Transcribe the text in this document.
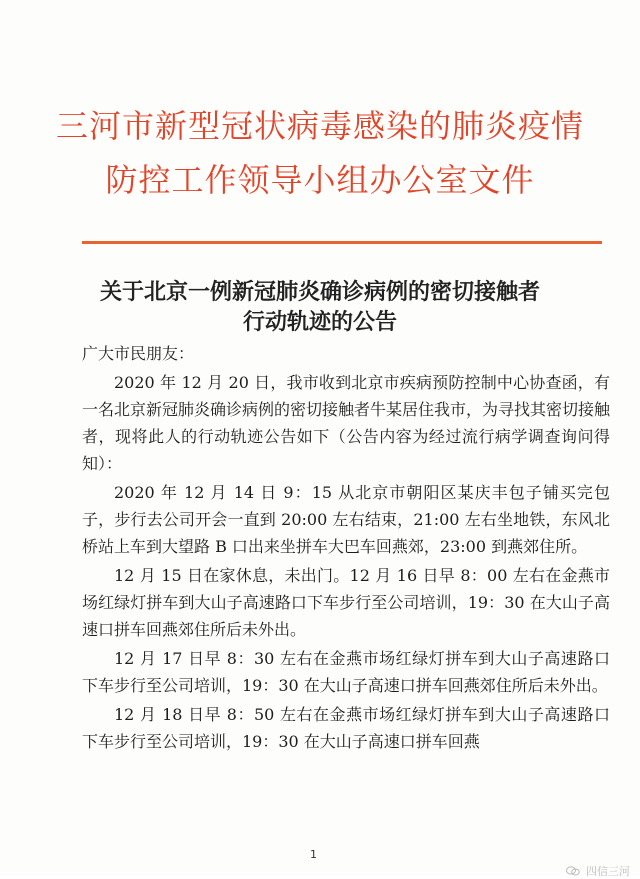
三河市新型冠状病毒感染的肺炎疫情
防控工作领导小组办公室文件
关于北京一例新冠肺炎确诊病例的密切接触者
行动轨迹的公告

广大市民朋友：

2020 年 12 月 20 日，我市收到北京市疾病预防控制中心协查函，有一名北京新冠肺炎确诊病例的密切接触者牛某居住我市，为寻找其密切接触者，现将此人的行动轨迹公告如下（公告内容为经过流行病学调查询问得知）：

2020 年 12 月 14 日 9：15 从北京市朝阳区某庆丰包子铺买完包子，步行去公司开会一直到 20:00 左右结束，21:00 左右坐地铁，东风北桥站上车到大望路 B 口出来坐拼车大巴车回燕郊，23:00 到燕郊住所。

12 月 15 日在家休息，未出门。12 月 16 日早 8：00 左右在金燕市场红绿灯拼车到大山子高速路口下车步行至公司培训，19：30 在大山子高速口拼车回燕郊住所后未外出。

12 月 17 日早 8：30 左右在金燕市场红绿灯拼车到大山子高速路口下车步行至公司培训，19：30 在大山子高速口拼车回燕郊住所后未外出。

12 月 18 日早 8：50 左右在金燕市场红绿灯拼车到大山子高速路口下车步行至公司培训，19：30 在大山子高速口拼车回燕

1
四信三河
